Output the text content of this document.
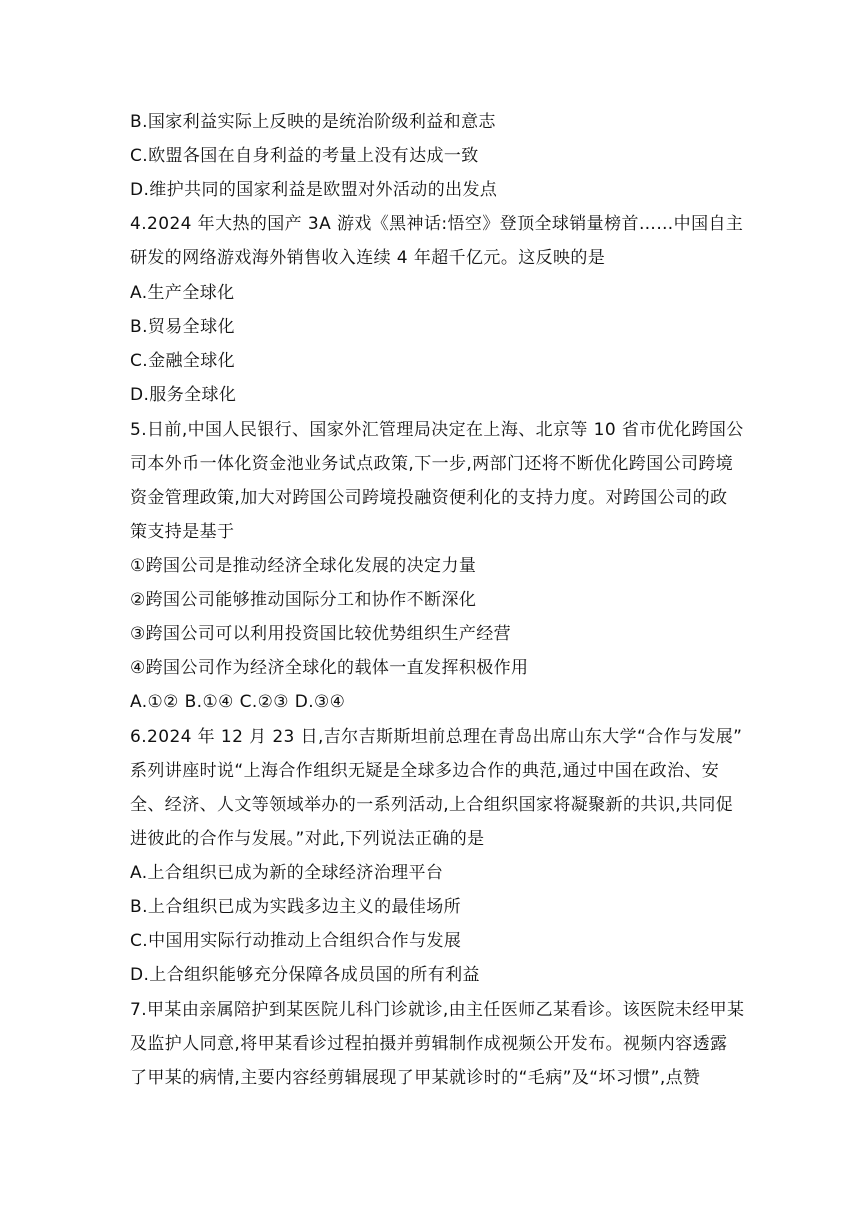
B.国家利益实际上反映的是统治阶级利益和意志
C.欧盟各国在自身利益的考量上没有达成一致
D.维护共同的国家利益是欧盟对外活动的出发点
4.2024 年大热的国产 3A 游戏《黑神话:悟空》登顶全球销量榜首……中国自主
研发的网络游戏海外销售收入连续 4 年超千亿元。这反映的是
A.生产全球化
B.贸易全球化
C.金融全球化
D.服务全球化
5.日前,中国人民银行、国家外汇管理局决定在上海、北京等 10 省市优化跨国公
司本外币一体化资金池业务试点政策,下一步,两部门还将不断优化跨国公司跨境
资金管理政策,加大对跨国公司跨境投融资便利化的支持力度。对跨国公司的政
策支持是基于
①跨国公司是推动经济全球化发展的决定力量
②跨国公司能够推动国际分工和协作不断深化
③跨国公司可以利用投资国比较优势组织生产经营
④跨国公司作为经济全球化的载体一直发挥积极作用
A.①② B.①④ C.②③ D.③④
6.2024 年 12 月 23 日,吉尔吉斯斯坦前总理在青岛出席山东大学“合作与发展”
系列讲座时说“上海合作组织无疑是全球多边合作的典范,通过中国在政治、安
全、经济、人文等领域举办的一系列活动,上合组织国家将凝聚新的共识,共同促
进彼此的合作与发展。”对此,下列说法正确的是
A.上合组织已成为新的全球经济治理平台
B.上合组织已成为实践多边主义的最佳场所
C.中国用实际行动推动上合组织合作与发展
D.上合组织能够充分保障各成员国的所有利益
7.甲某由亲属陪护到某医院儿科门诊就诊,由主任医师乙某看诊。该医院未经甲某
及监护人同意,将甲某看诊过程拍摄并剪辑制作成视频公开发布。视频内容透露
了甲某的病情,主要内容经剪辑展现了甲某就诊时的“毛病”及“坏习惯”,点赞
